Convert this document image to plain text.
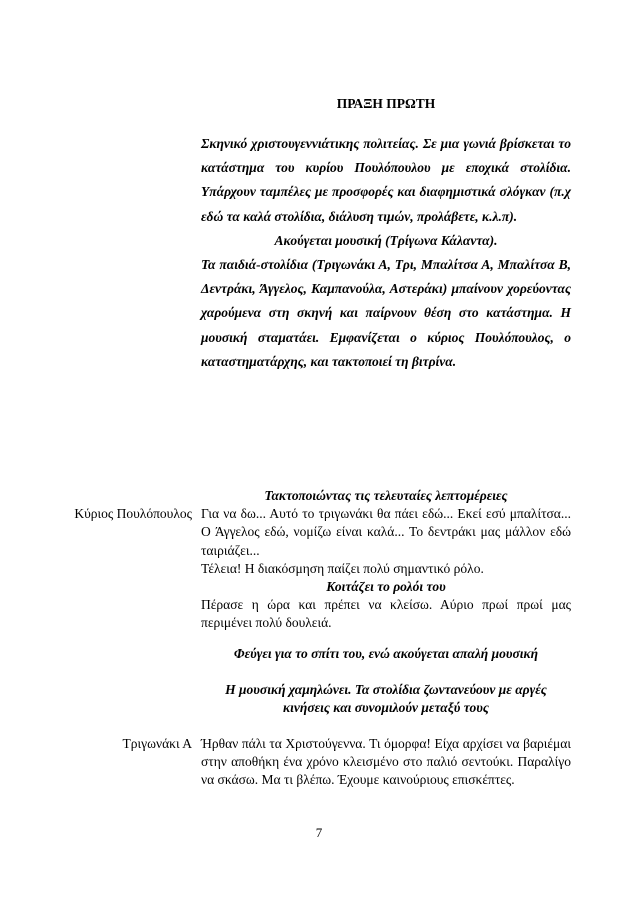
ΠΡΑΞΗ ΠΡΩΤΗ

Σκηνικό χριστουγεννιάτικης πολιτείας. Σε μια γωνιά βρίσκεται το κατάστημα του κυρίου Πουλόπουλου με εποχικά στολίδια. Υπάρχουν ταμπέλες με προσφορές και διαφημιστικά σλόγκαν (π.χ εδώ τα καλά στολίδια, διάλυση τιμών, προλάβετε, κ.λ.π).

Ακούγεται μουσική (Τρίγωνα Κάλαντα).

Τα παιδιά-στολίδια (Τριγωνάκι Α, Τρι, Μπαλίτσα Α, Μπαλίτσα Β, Δεντράκι, Άγγελος, Καμπανούλα, Αστεράκι) μπαίνουν χορεύοντας χαρούμενα στη σκηνή και παίρνουν θέση στο κατάστημα. Η μουσική σταματάει. Εμφανίζεται ο κύριος Πουλόπουλος, ο καταστηματάρχης, και τακτοποιεί τη βιτρίνα.

Τακτοποιώντας τις τελευταίες λεπτομέρειες

Για να δω... Αυτό το τριγωνάκι θα πάει εδώ... Εκεί εσύ μπαλίτσα... Ο Άγγελος εδώ, νομίζω είναι καλά... Το δεντράκι μας μάλλον εδώ ταιριάζει...

Τέλεια! Η διακόσμηση παίζει πολύ σημαντικό ρόλο.

Κοιτάζει το ρολόι του

Πέρασε η ώρα και πρέπει να κλείσω. Αύριο πρωί πρωί μας περιμένει πολύ δουλειά.

Κύριος Πουλόπουλος

Φεύγει για το σπίτι του, ενώ ακούγεται απαλή μουσική

Η μουσική χαμηλώνει. Τα στολίδια ζωντανεύουν με αργές κινήσεις και συνομιλούν μεταξύ τους

Ήρθαν πάλι τα Χριστούγεννα. Τι όμορφα! Είχα αρχίσει να βαριέμαι στην αποθήκη ένα χρόνο κλεισμένο στο παλιό σεντούκι. Παραλίγο να σκάσω. Μα τι βλέπω. Έχουμε καινούριους επισκέπτες.

Τριγωνάκι Α
7
